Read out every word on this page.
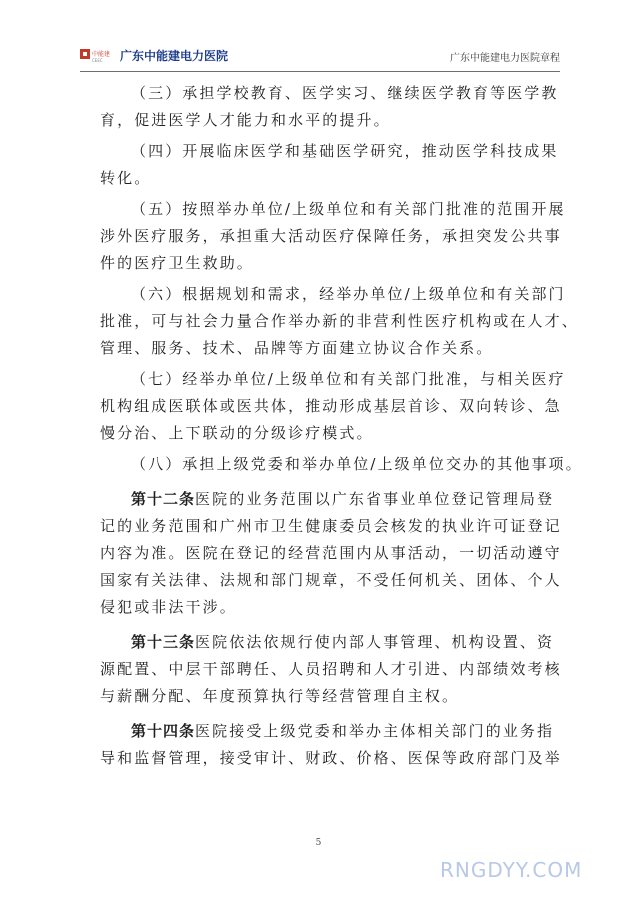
中能建
CEEC 广东中能建电力医院	广东中能建电力医院章程

（三）承担学校教育、医学实习、继续医学教育等医学教
育，促进医学人才能力和水平的提升。

（四）开展临床医学和基础医学研究，推动医学科技成果
转化。

（五）按照举办单位/上级单位和有关部门批准的范围开展
涉外医疗服务，承担重大活动医疗保障任务，承担突发公共事
件的医疗卫生救助。

（六）根据规划和需求，经举办单位/上级单位和有关部门
批准，可与社会力量合作举办新的非营利性医疗机构或在人才、
管理、服务、技术、品牌等方面建立协议合作关系。

（七）经举办单位/上级单位和有关部门批准，与相关医疗
机构组成医联体或医共体，推动形成基层首诊、双向转诊、急
慢分治、上下联动的分级诊疗模式。

（八）承担上级党委和举办单位/上级单位交办的其他事项。

第十二条医院的业务范围以广东省事业单位登记管理局登
记的业务范围和广州市卫生健康委员会核发的执业许可证登记
内容为准。医院在登记的经营范围内从事活动，一切活动遵守
国家有关法律、法规和部门规章，不受任何机关、团体、个人
侵犯或非法干涉。

第十三条医院依法依规行使内部人事管理、机构设置、资
源配置、中层干部聘任、人员招聘和人才引进、内部绩效考核
与薪酬分配、年度预算执行等经营管理自主权。

第十四条医院接受上级党委和举办主体相关部门的业务指
导和监督管理，接受审计、财政、价格、医保等政府部门及举

5
RNGDYY.COM
